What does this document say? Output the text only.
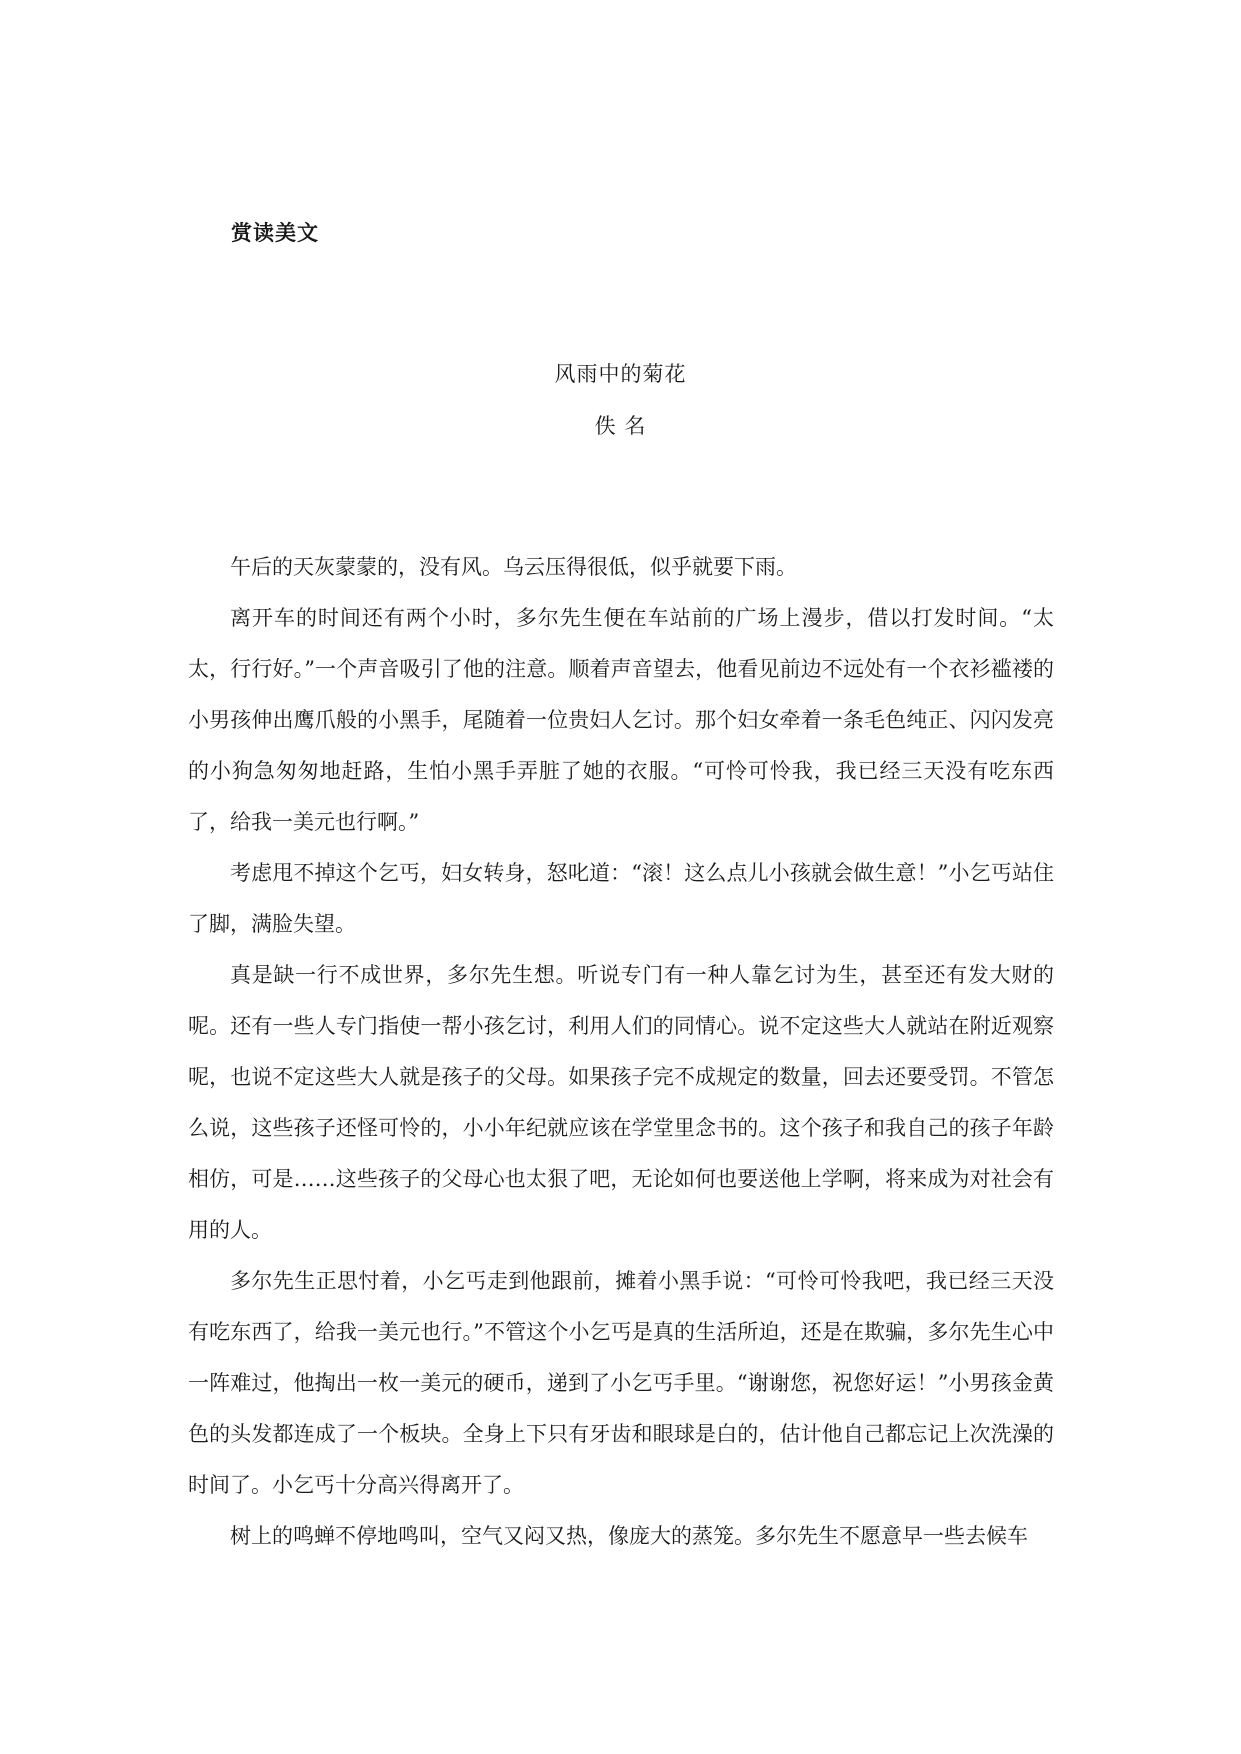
赏读美文
风雨中的菊花
佚 名

午后的天灰蒙蒙的，没有风。乌云压得很低，似乎就要下雨。

离开车的时间还有两个小时，多尔先生便在车站前的广场上漫步，借以打发时间。“太太，行行好。”一个声音吸引了他的注意。顺着声音望去，他看见前边不远处有一个衣衫褴褛的小男孩伸出鹰爪般的小黑手，尾随着一位贵妇人乞讨。那个妇女牵着一条毛色纯正、闪闪发亮的小狗急匆匆地赶路，生怕小黑手弄脏了她的衣服。“可怜可怜我，我已经三天没有吃东西了，给我一美元也行啊。”

考虑甩不掉这个乞丐，妇女转身，怒叱道：“滚！这么点儿小孩就会做生意！”小乞丐站住了脚，满脸失望。

真是缺一行不成世界，多尔先生想。听说专门有一种人靠乞讨为生，甚至还有发大财的呢。还有一些人专门指使一帮小孩乞讨，利用人们的同情心。说不定这些大人就站在附近观察呢，也说不定这些大人就是孩子的父母。如果孩子完不成规定的数量，回去还要受罚。不管怎么说，这些孩子还怪可怜的，小小年纪就应该在学堂里念书的。这个孩子和我自己的孩子年龄相仿，可是……这些孩子的父母心也太狠了吧，无论如何也要送他上学啊，将来成为对社会有用的人。

多尔先生正思忖着，小乞丐走到他跟前，摊着小黑手说：“可怜可怜我吧，我已经三天没有吃东西了，给我一美元也行。”不管这个小乞丐是真的生活所迫，还是在欺骗，多尔先生心中一阵难过，他掏出一枚一美元的硬币，递到了小乞丐手里。“谢谢您，祝您好运！”小男孩金黄色的头发都连成了一个板块。全身上下只有牙齿和眼球是白的，估计他自己都忘记上次洗澡的时间了。小乞丐十分高兴得离开了。

树上的鸣蝉不停地鸣叫，空气又闷又热，像庞大的蒸笼。多尔先生不愿意早一些去候车
